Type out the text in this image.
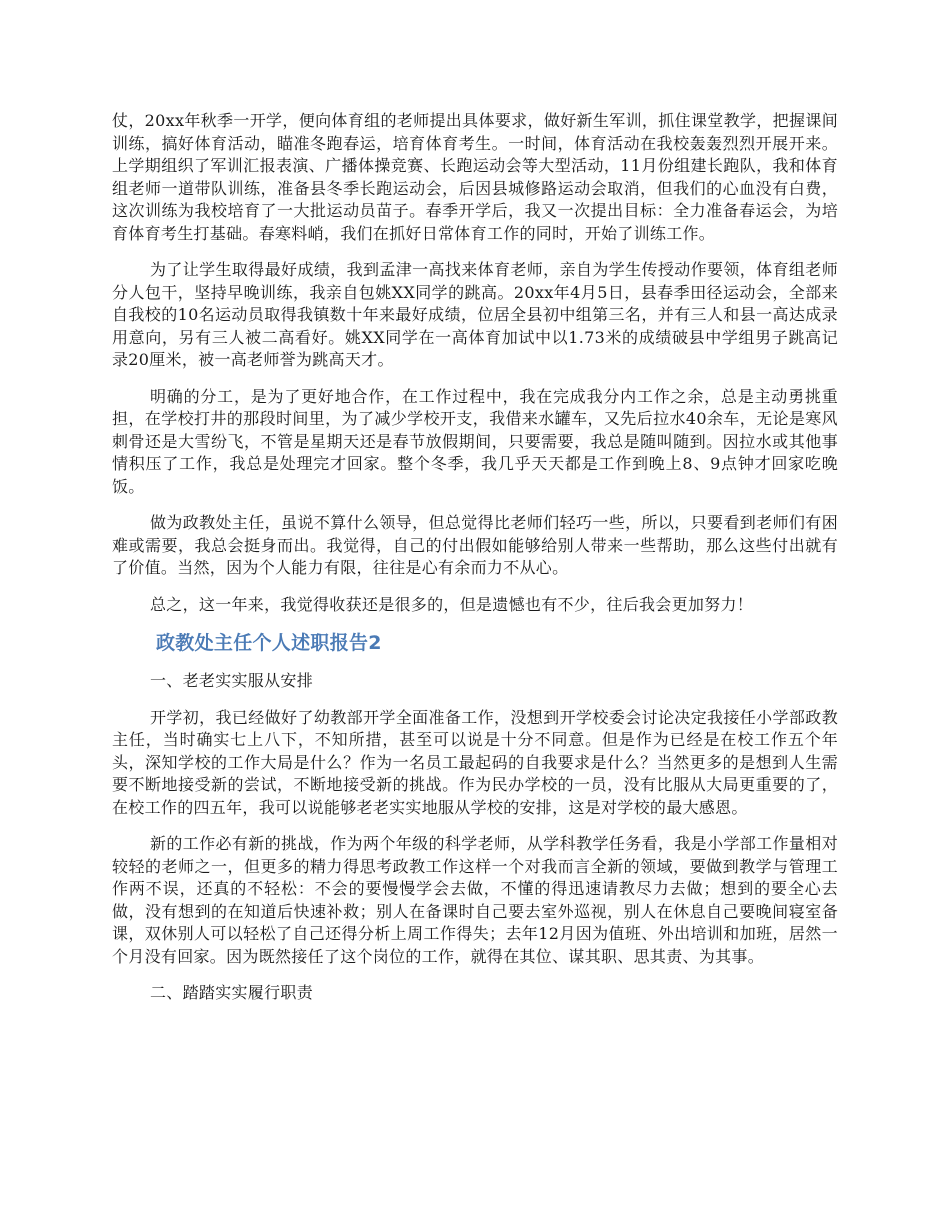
仗，20xx年秋季一开学，便向体育组的老师提出具体要求，做好新生军训，抓住课堂教学，把握课间训练，搞好体育活动，瞄准冬跑春运，培育体育考生。一时间，体育活动在我校轰轰烈烈开展开来。上学期组织了军训汇报表演、广播体操竞赛、长跑运动会等大型活动，11月份组建长跑队，我和体育组老师一道带队训练，准备县冬季长跑运动会，后因县城修路运动会取消，但我们的心血没有白费，这次训练为我校培育了一大批运动员苗子。春季开学后，我又一次提出目标：全力准备春运会，为培育体育考生打基础。春寒料峭，我们在抓好日常体育工作的同时，开始了训练工作。

为了让学生取得最好成绩，我到孟津一高找来体育老师，亲自为学生传授动作要领，体育组老师分人包干，坚持早晚训练，我亲自包姚XX同学的跳高。20xx年4月5日，县春季田径运动会，全部来自我校的10名运动员取得我镇数十年来最好成绩，位居全县初中组第三名，并有三人和县一高达成录用意向，另有三人被二高看好。姚XX同学在一高体育加试中以1.73米的成绩破县中学组男子跳高记录20厘米，被一高老师誉为跳高天才。

明确的分工，是为了更好地合作，在工作过程中，我在完成我分内工作之余，总是主动勇挑重担，在学校打井的那段时间里，为了减少学校开支，我借来水罐车，又先后拉水40余车，无论是寒风刺骨还是大雪纷飞，不管是星期天还是春节放假期间，只要需要，我总是随叫随到。因拉水或其他事情积压了工作，我总是处理完才回家。整个冬季，我几乎天天都是工作到晚上8、9点钟才回家吃晚饭。

做为政教处主任，虽说不算什么领导，但总觉得比老师们轻巧一些，所以，只要看到老师们有困难或需要，我总会挺身而出。我觉得，自己的付出假如能够给别人带来一些帮助，那么这些付出就有了价值。当然，因为个人能力有限，往往是心有余而力不从心。

总之，这一年来，我觉得收获还是很多的，但是遗憾也有不少，往后我会更加努力！

政教处主任个人述职报告2

一、老老实实服从安排

开学初，我已经做好了幼教部开学全面准备工作，没想到开学校委会讨论决定我接任小学部政教主任，当时确实七上八下，不知所措，甚至可以说是十分不同意。但是作为已经是在校工作五个年头，深知学校的工作大局是什么？作为一名员工最起码的自我要求是什么？当然更多的是想到人生需要不断地接受新的尝试，不断地接受新的挑战。作为民办学校的一员，没有比服从大局更重要的了，在校工作的四五年，我可以说能够老老实实地服从学校的安排，这是对学校的最大感恩。

新的工作必有新的挑战，作为两个年级的科学老师，从学科教学任务看，我是小学部工作量相对较轻的老师之一，但更多的精力得思考政教工作这样一个对我而言全新的领域，要做到教学与管理工作两不误，还真的不轻松：不会的要慢慢学会去做，不懂的得迅速请教尽力去做；想到的要全心去做，没有想到的在知道后快速补救；别人在备课时自己要去室外巡视，别人在休息自己要晚间寝室备课，双休别人可以轻松了自己还得分析上周工作得失；去年12月因为值班、外出培训和加班，居然一个月没有回家。因为既然接任了这个岗位的工作，就得在其位、谋其职、思其责、为其事。

二、踏踏实实履行职责
